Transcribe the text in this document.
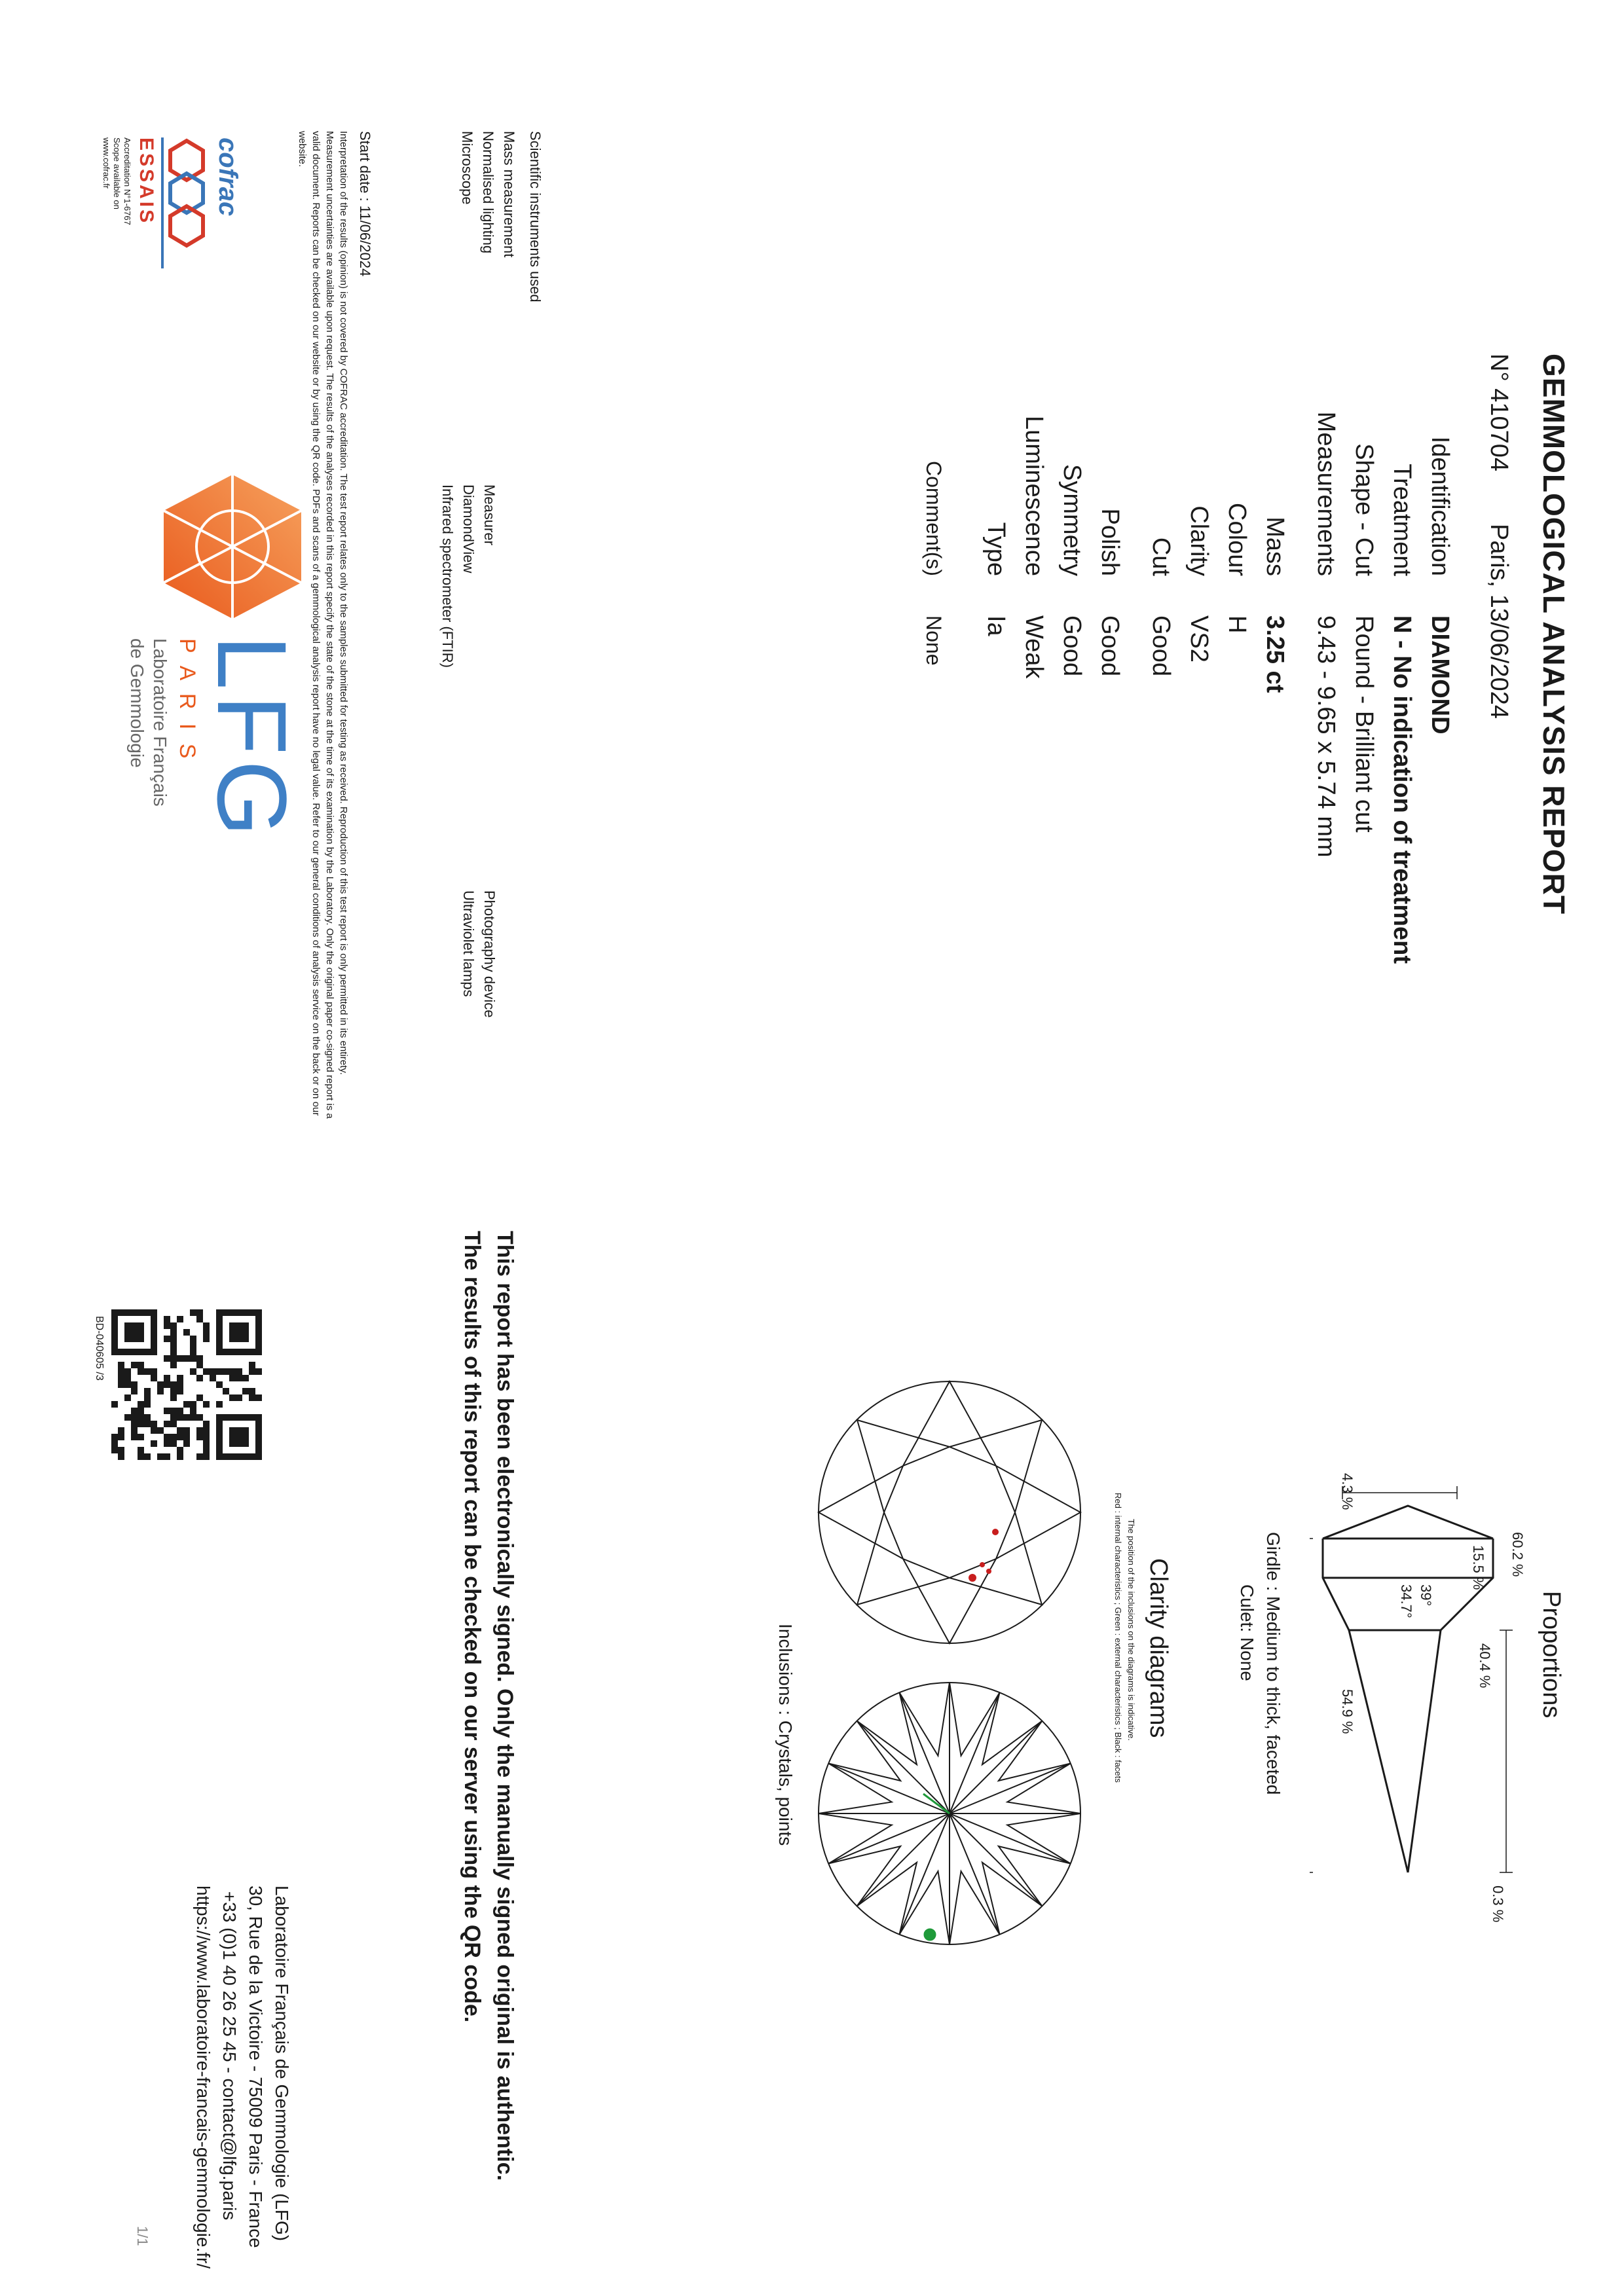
GEMMOLOGICAL ANALYSIS REPORT
N° 410704
Paris, 13/06/2024
Identification
DIAMOND
Treatment
N - No indication of treatment
Shape - Cut
Round - Brilliant cut
Measurements
9.43 - 9.65 x 5.74 mm
Mass
3.25 ct
Colour
H
Clarity
VS2
Cut
Good
Polish
Good
Symmetry
Good
Luminescence
Weak
Type
Ia
Comment(s)
None
Scientific instruments used
Mass measurement
Normalised lighting
Microscope
Measurer
DiamondView
Infrared spectrometer (FTIR)
Photography device
Ultraviolet lamps
Start date : 11/06/2024
Interpretation of the results (opinion) is not covered by COFRAC accreditation. The test report relates only to the samples submitted for testing as received. Reproduction of this test report is only permitted in its entirety. Measurement uncertainties are available upon request. The results of the analyses recorded in this report specify the state of the stone at the time of its examination by the Laboratory. Only the original paper co-signed report is a valid document. Reports can be checked on our website or by using the QR code. PDFs and scans of a gemmological analysis report have no legal value. Refer to our general conditions of analysis service on the back or on our website.
cofrac
ESSAIS
Accreditation N°1-6767
Scope available on
www.cofrac.fr
LFG
P A R I S
Laboratoire Français
de Gemmologie
Proportions
60.2 %
15.5 %
40.4 %
39°
34.7°
54.9 %
4.3 %
0.3 %
Girdle : Medium to thick, faceted
Culet: None
Clarity diagrams
The position of the inclusions on the diagrams is indicative.
Red : internal characteristics ; Green : external characteristics ; Black : facets
Inclusions : Crystals, points
This report has been electronically signed. Only the manually signed original is authentic.
The results of this report can be checked on our server using the QR code.
BD-040605 /3
Laboratoire Français de Gemmologie (LFG)
30, Rue de la Victoire - 75009 Paris - France
+33 (0)1 40 26 25 45 - contact@lfg.paris
https://www.laboratoire-francais-gemmologie.fr/
1/1
